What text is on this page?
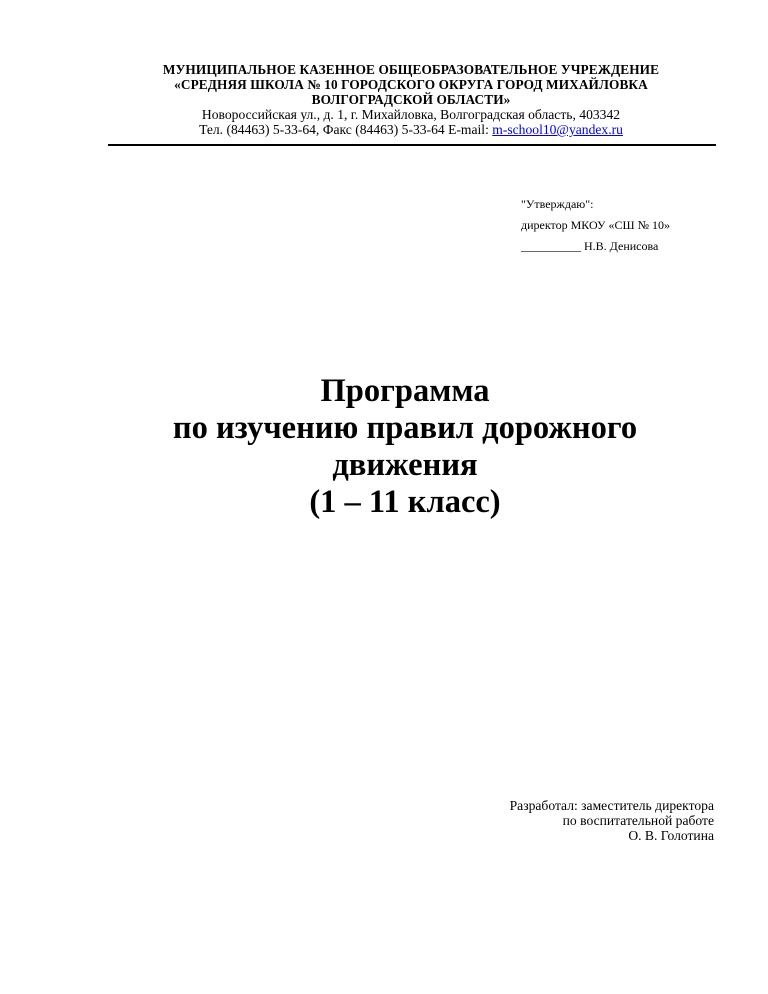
МУНИЦИПАЛЬНОЕ КАЗЕННОЕ ОБЩЕОБРАЗОВАТЕЛЬНОЕ УЧРЕЖДЕНИЕ
«СРЕДНЯЯ ШКОЛА № 10 ГОРОДСКОГО ОКРУГА ГОРОД МИХАЙЛОВКА
ВОЛГОГРАДСКОЙ ОБЛАСТИ»
Новороссийская ул., д. 1, г. Михайловка, Волгоградская область, 403342
Тел. (84463) 5-33-64, Факс (84463) 5-33-64 E-mail: m-school10@yandex.ru
"Утверждаю":
директор МКОУ «СШ № 10»
__________ Н.В. Денисова
Программа
по изучению правил дорожного
движения
(1 – 11 класс)
Разработал: заместитель директора
по воспитательной работе
О. В. Голотина
